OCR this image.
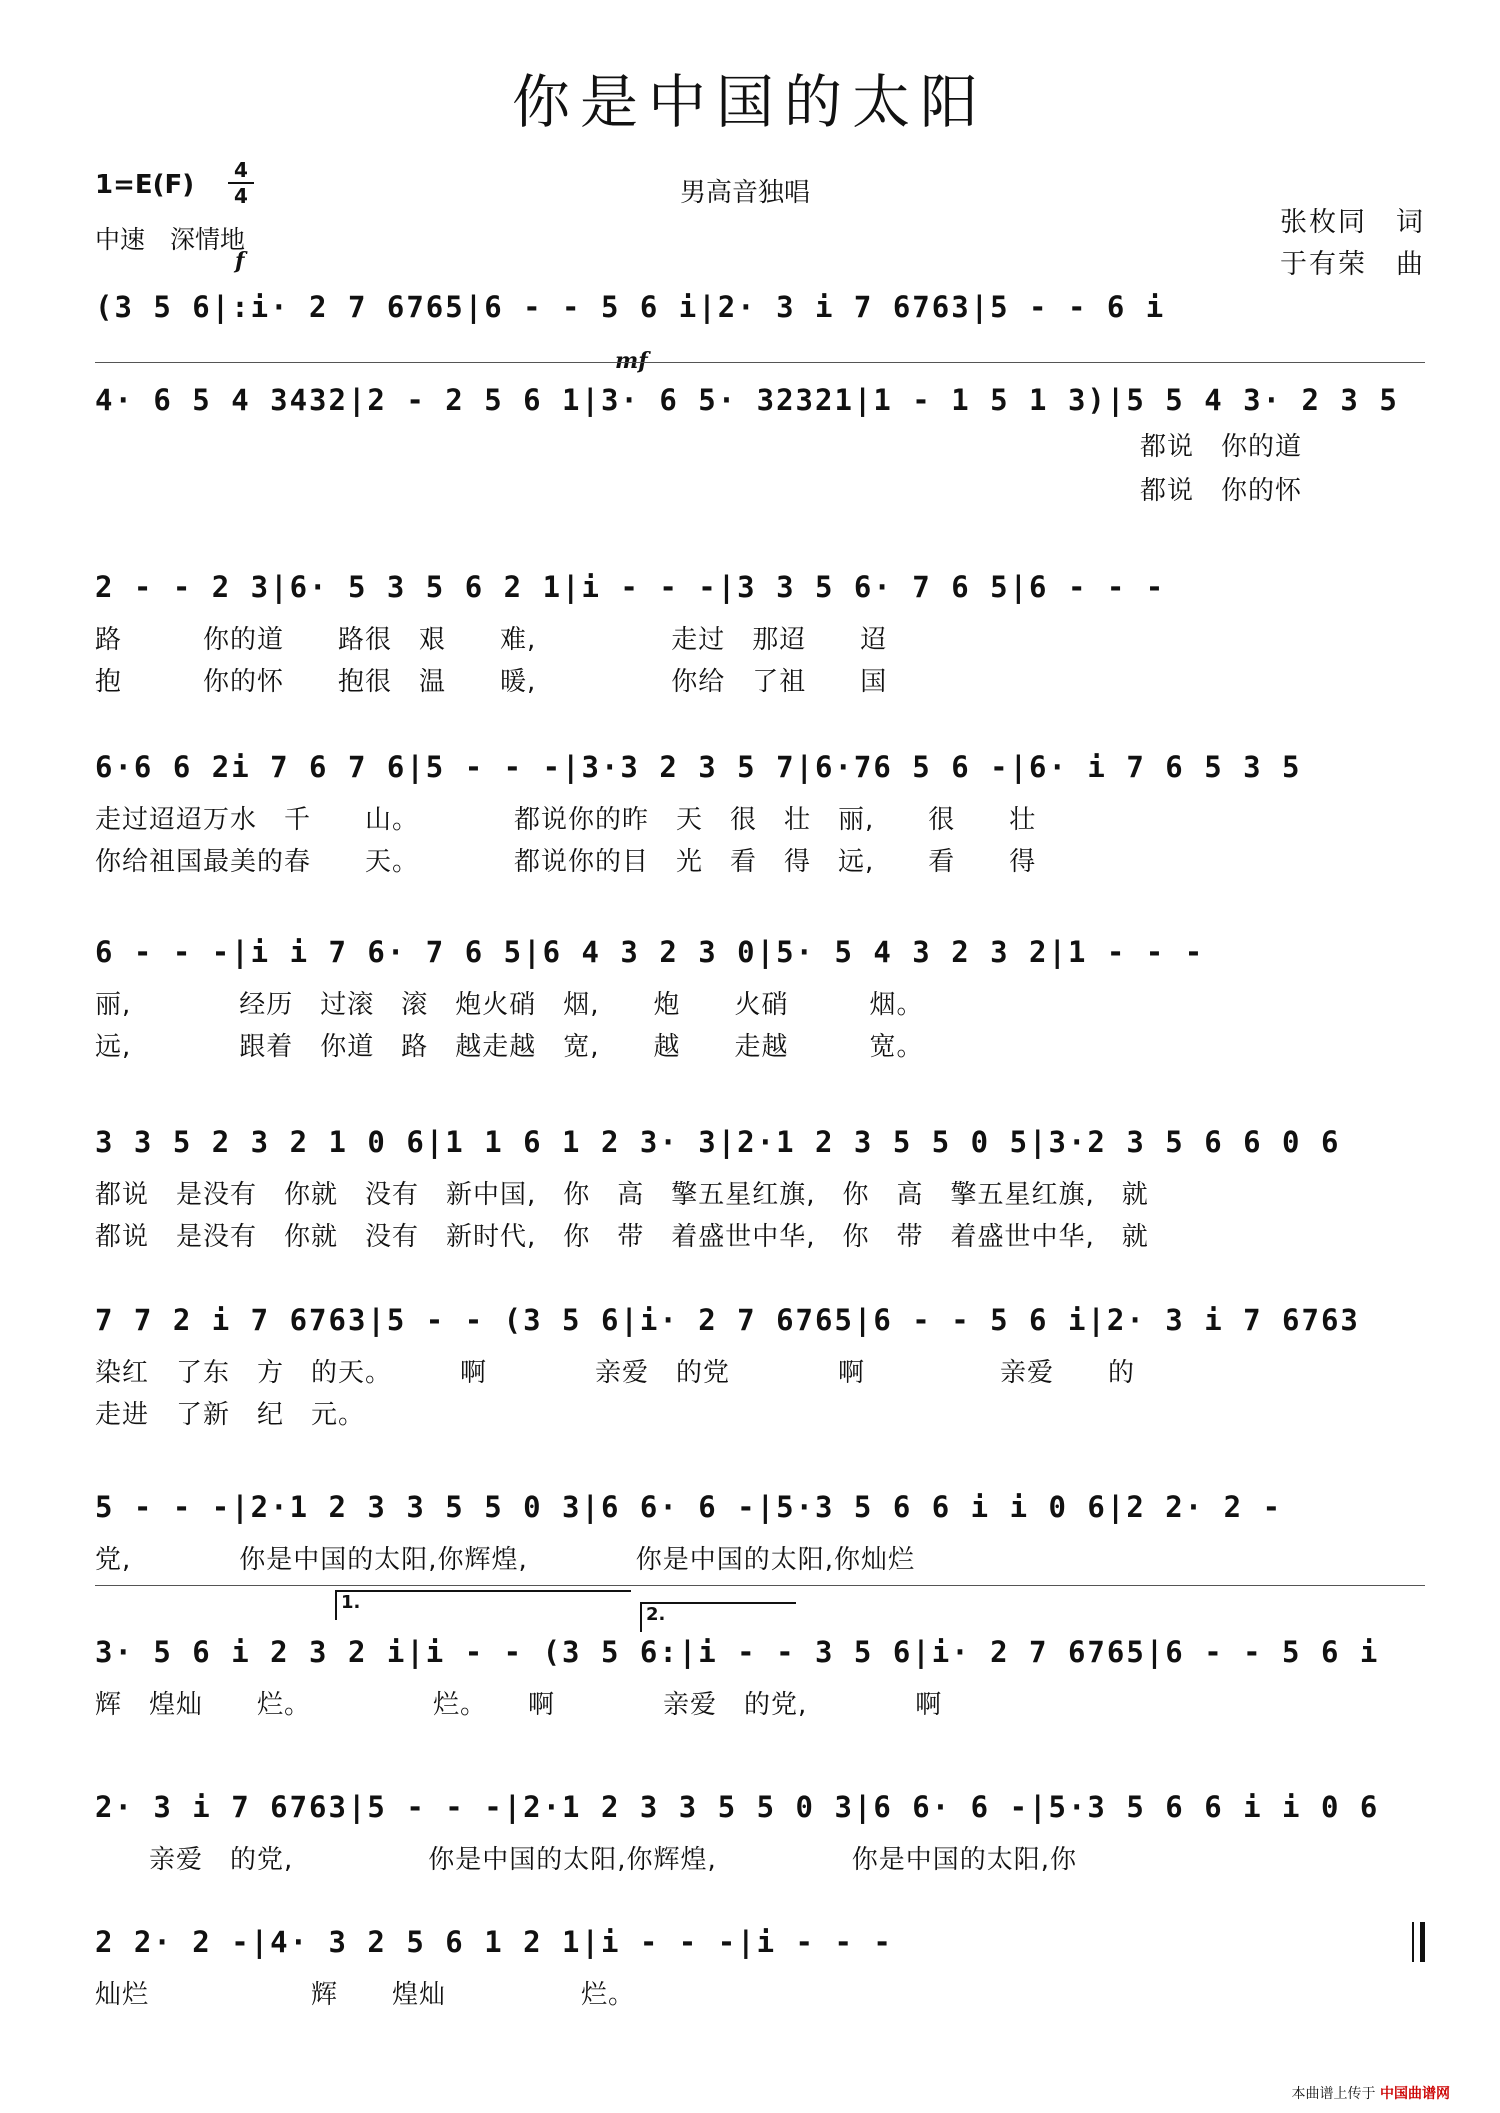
你是中国的太阳
1=E(F)	4
4
中速　深情地
男高音独唱
张枚同　词
于有荣　曲
f
mf
(3 5 6|:i· 2 7 6765|6 - - 5 6 i|2· 3 i 7 6763|5 - - 6 i
4· 6 5 4 3432|2 - 2 5 6 1|3· 6 5· 32321|1 - 1 5 1 3)|5 5 4 3· 2 3 5
都说　你的道
都说　你的怀
2 - - 2 3|6· 5 3 5 6 2 1|i - - -|3 3 5 6· 7 6 5|6 - - -
路　　　你的道　　路很　艰　　难,　　　　　走过　那迢　　迢
抱　　　你的怀　　抱很　温　　暖,　　　　　你给　了祖　　国
6·6 6 2i 7 6 7 6|5 - - -|3·3 2 3 5 7|6·76 5 6 -|6· i 7 6 5 3 5
走过迢迢万水　千　　山。　　　　都说你的昨　天　很　壮　丽,　　很　　壮
你给祖国最美的春　　天。　　　　都说你的目　光　看　得　远,　　看　　得
6 - - -|i i 7 6· 7 6 5|6 4 3 2 3 0|5· 5 4 3 2 3 2|1 - - -
丽,　　　　经历　过滚　滚　炮火硝　烟,　　炮　　火硝　　　烟。
远,　　　　跟着　你道　路　越走越　宽,　　越　　走越　　　宽。
3 3 5 2 3 2 1 0 6|1 1 6 1 2 3· 3|2·1 2 3 5 5 0 5|3·2 3 5 6 6 0 6
都说　是没有　你就　没有　新中国,　你　高　擎五星红旗,　你　高　擎五星红旗,　就
都说　是没有　你就　没有　新时代,　你　带　着盛世中华,　你　带　着盛世中华,　就
7 7 2 i 7 6763|5 - - (3 5 6|i· 2 7 6765|6 - - 5 6 i|2· 3 i 7 6763
染红　了东　方　的天。　　　啊　　　　亲爱　的党　　　　啊　　　　　亲爱　　的
走进　了新　纪　元。
5 - - -|2·1 2 3 3 5 5 0 3|6 6· 6 -|5·3 5 6 6 i i 0 6|2 2· 2 -
党,　　　　你是中国的太阳,你辉煌,　　　　你是中国的太阳,你灿烂
1.
2.
3· 5 6 i 2 3 2 i|i - - (3 5 6:|i - - 3 5 6|i· 2 7 6765|6 - - 5 6 i
辉　煌灿　　烂。　　　　　烂。　　啊　　　　亲爱　的党,　　　　啊
2· 3 i 7 6763|5 - - -|2·1 2 3 3 5 5 0 3|6 6· 6 -|5·3 5 6 6 i i 0 6
　　亲爱　的党,　　　　　你是中国的太阳,你辉煌,　　　　　你是中国的太阳,你
2 2· 2 -|4· 3 2 5 6 1 2 1|i - - -|i - - -
灿烂　　　　　　辉　　煌灿　　　　　烂。
本曲谱上传于 中国曲谱网
